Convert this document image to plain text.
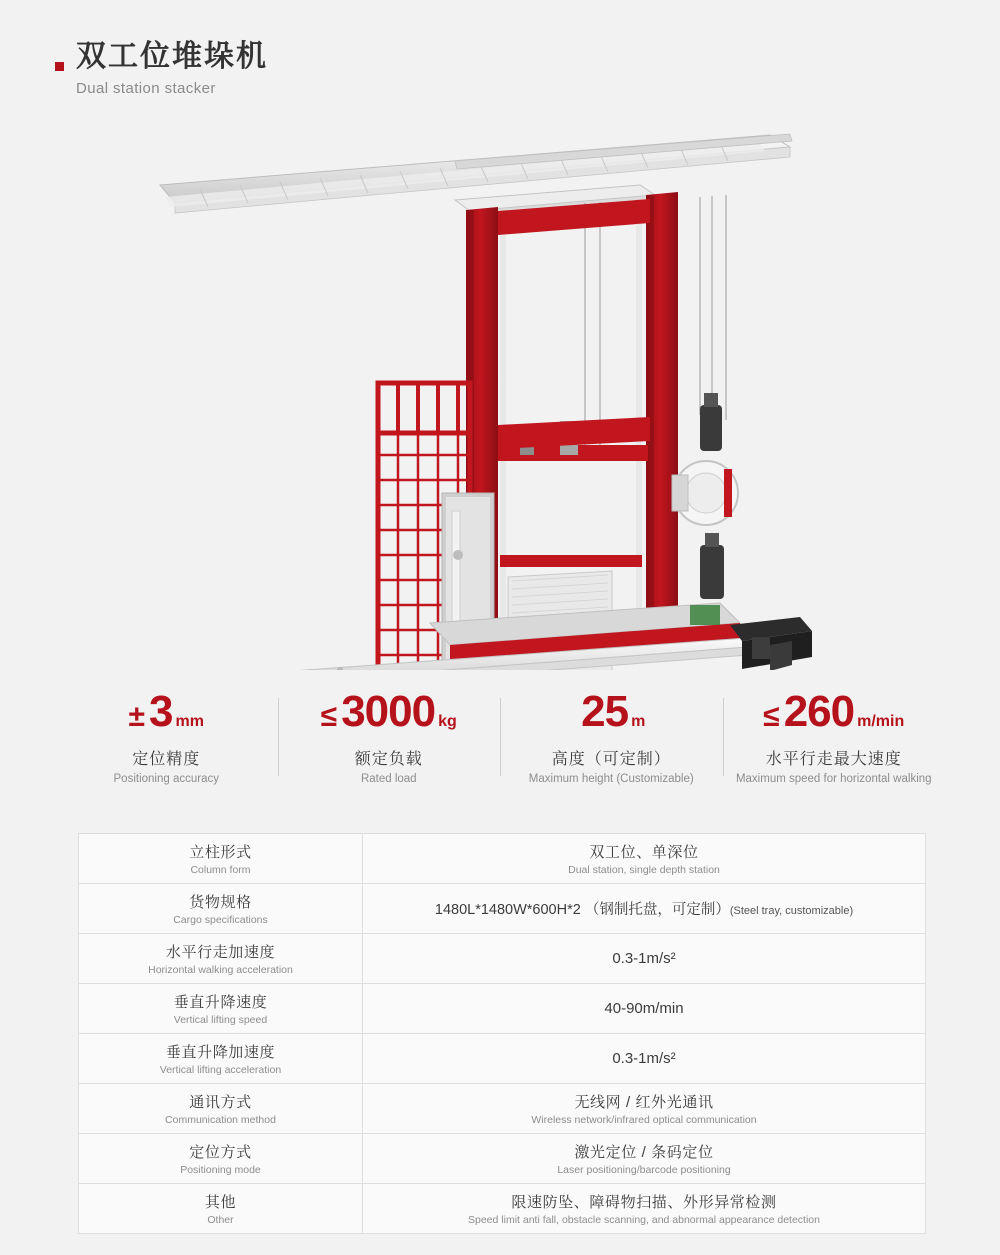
双工位堆垛机
Dual station stacker
± 3 mm
定位精度
Positioning accuracy
≤ 3000 kg
额定负载
Rated load
25 m
高度（可定制）
Maximum height (Customizable)
≤ 260 m/min
水平行走最大速度
Maximum speed for horizontal walking
立柱形式
Column form
双工位、单深位
Dual station, single depth station
货物规格
Cargo specifications
1480L*1480W*600H*2 （钢制托盘，可定制）(Steel tray, customizable)
水平行走加速度
Horizontal walking acceleration
0.3-1m/s²
垂直升降速度
Vertical lifting speed
40-90m/min
垂直升降加速度
Vertical lifting acceleration
0.3-1m/s²
通讯方式
Communication method
无线网 / 红外光通讯
Wireless network/infrared optical communication
定位方式
Positioning mode
激光定位 / 条码定位
Laser positioning/barcode positioning
其他
Other
限速防坠、障碍物扫描、外形异常检测
Speed limit anti fall, obstacle scanning, and abnormal appearance detection
